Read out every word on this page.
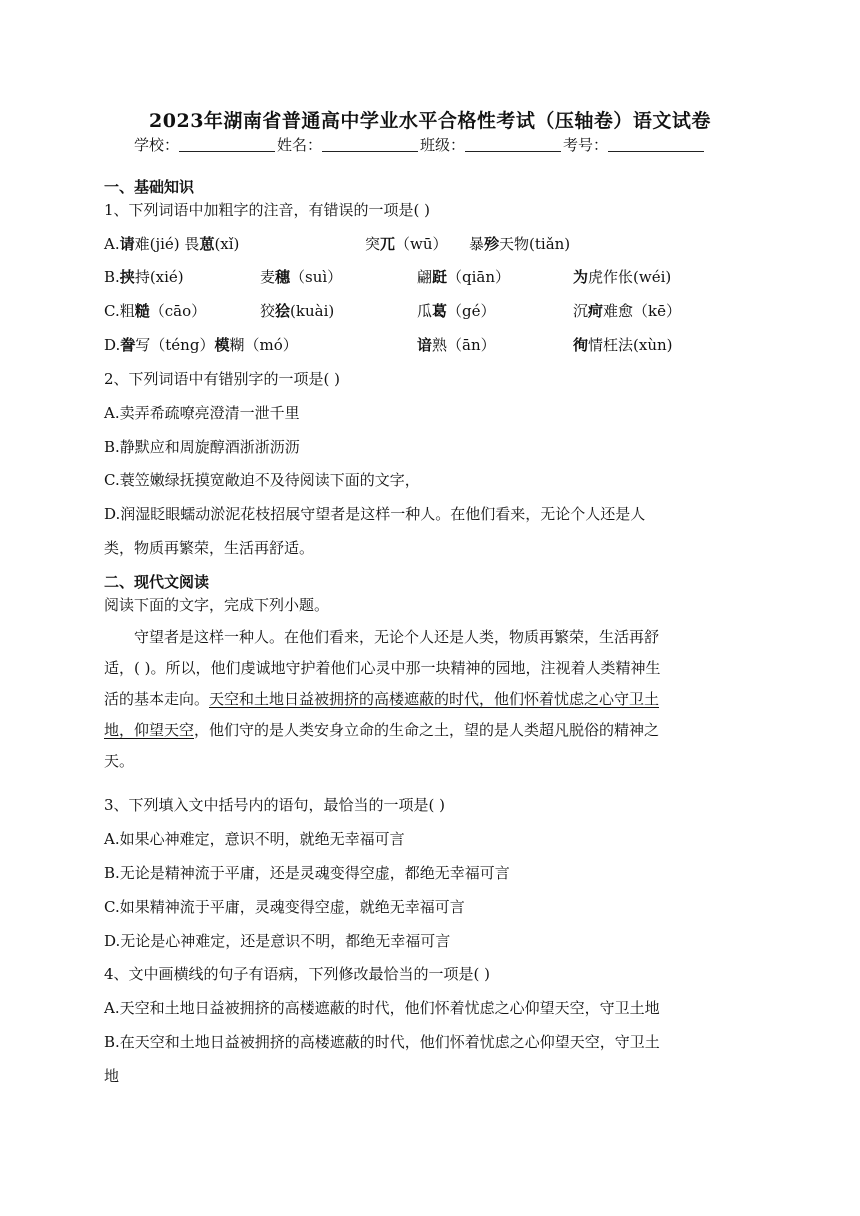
2023年湖南省普通高中学业水平合格性考试（压轴卷）语文试卷
学校：	姓名：	班级：	考号：
一、基础知识
1、下列词语中加粗字的注音，有错误的一项是( )
A.请难(jié) 畏葸(xǐ)	突兀（wū） 暴殄天物(tiǎn)
B.挟持(xié)	麦穗（suì）	翩跹（qiān）	为虎作伥(wéi)
C.粗糙（cāo）	狡狯(kuài)	瓜葛（gé）	沉疴难愈（kē）
D.誊写（téng）模糊（mó）	谙熟（ān）	徇情枉法(xùn)
2、下列词语中有错别字的一项是( )
A.卖弄希疏嘹亮澄清一泄千里
B.静默应和周旋醇酒浙浙沥沥
C.蓑笠嫩绿抚摸宽敞迫不及待阅读下面的文字，
D.润湿眨眼蠕动淤泥花枝招展守望者是这样一种人。在他们看来，无论个人还是人
类，物质再繁荣，生活再舒适。
二、现代文阅读
阅读下面的文字，完成下列小题。
守望者是这样一种人。在他们看来，无论个人还是人类，物质再繁荣，生活再舒
适，( )。所以，他们虔诚地守护着他们心灵中那一块精神的园地，注视着人类精神生
活的基本走向。天空和土地日益被拥挤的高楼遮蔽的时代，他们怀着忧虑之心守卫土
地，仰望天空，他们守的是人类安身立命的生命之土，望的是人类超凡脱俗的精神之
天。
3、下列填入文中括号内的语句，最恰当的一项是( )
A.如果心神难定，意识不明，就绝无幸福可言
B.无论是精神流于平庸，还是灵魂变得空虚，都绝无幸福可言
C.如果精神流于平庸，灵魂变得空虚，就绝无幸福可言
D.无论是心神难定，还是意识不明，都绝无幸福可言
4、文中画横线的句子有语病，下列修改最恰当的一项是( )
A.天空和土地日益被拥挤的高楼遮蔽的时代，他们怀着忧虑之心仰望天空，守卫土地
B.在天空和土地日益被拥挤的高楼遮蔽的时代，他们怀着忧虑之心仰望天空，守卫土
地
